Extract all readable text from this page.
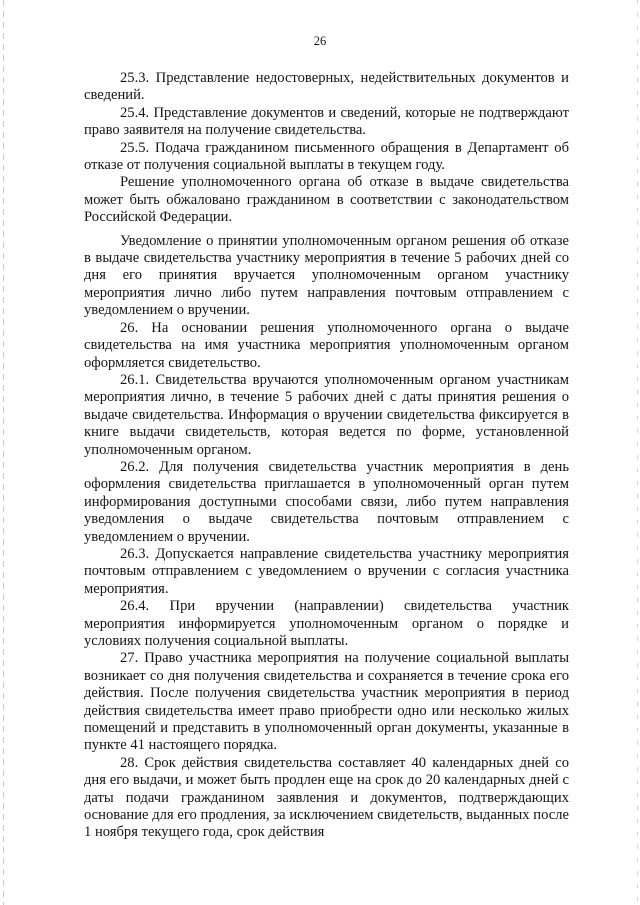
26

25.3. Представление недостоверных, недействительных документов и сведений.

25.4. Представление документов и сведений, которые не подтверждают право заявителя на получение свидетельства.

25.5. Подача гражданином письменного обращения в Департамент об отказе от получения социальной выплаты в текущем году.

Решение уполномоченного органа об отказе в выдаче свидетельства может быть обжаловано гражданином в соответствии с законодательством Российской Федерации.

Уведомление о принятии уполномоченным органом решения об отказе в выдаче свидетельства участнику мероприятия в течение 5 рабочих дней со дня его принятия вручается уполномоченным органом участнику мероприятия лично либо путем направления почтовым отправлением с уведомлением о вручении.

26. На основании решения уполномоченного органа о выдаче свидетельства на имя участника мероприятия уполномоченным органом оформляется свидетельство.

26.1. Свидетельства вручаются уполномоченным органом участникам мероприятия лично, в течение 5 рабочих дней с даты принятия решения о выдаче свидетельства. Информация о вручении свидетельства фиксируется в книге выдачи свидетельств, которая ведется по форме, установленной уполномоченным органом.

26.2. Для получения свидетельства участник мероприятия в день оформления свидетельства приглашается в уполномоченный орган путем информирования доступными способами связи, либо путем направления уведомления о выдаче свидетельства почтовым отправлением с уведомлением о вручении.

26.3. Допускается направление свидетельства участнику мероприятия почтовым отправлением с уведомлением о вручении с согласия участника мероприятия.

26.4. При вручении (направлении) свидетельства участник мероприятия информируется уполномоченным органом о порядке и условиях получения социальной выплаты.

27. Право участника мероприятия на получение социальной выплаты возникает со дня получения свидетельства и сохраняется в течение срока его действия. После получения свидетельства участник мероприятия в период действия свидетельства имеет право приобрести одно или несколько жилых помещений и представить в уполномоченный орган документы, указанные в пункте 41 настоящего порядка.

28. Срок действия свидетельства составляет 40 календарных дней со дня его выдачи, и может быть продлен еще на срок до 20 календарных дней с даты подачи гражданином заявления и документов, подтверждающих основание для его продления, за исключением свидетельств, выданных после 1 ноября текущего года, срок действия
